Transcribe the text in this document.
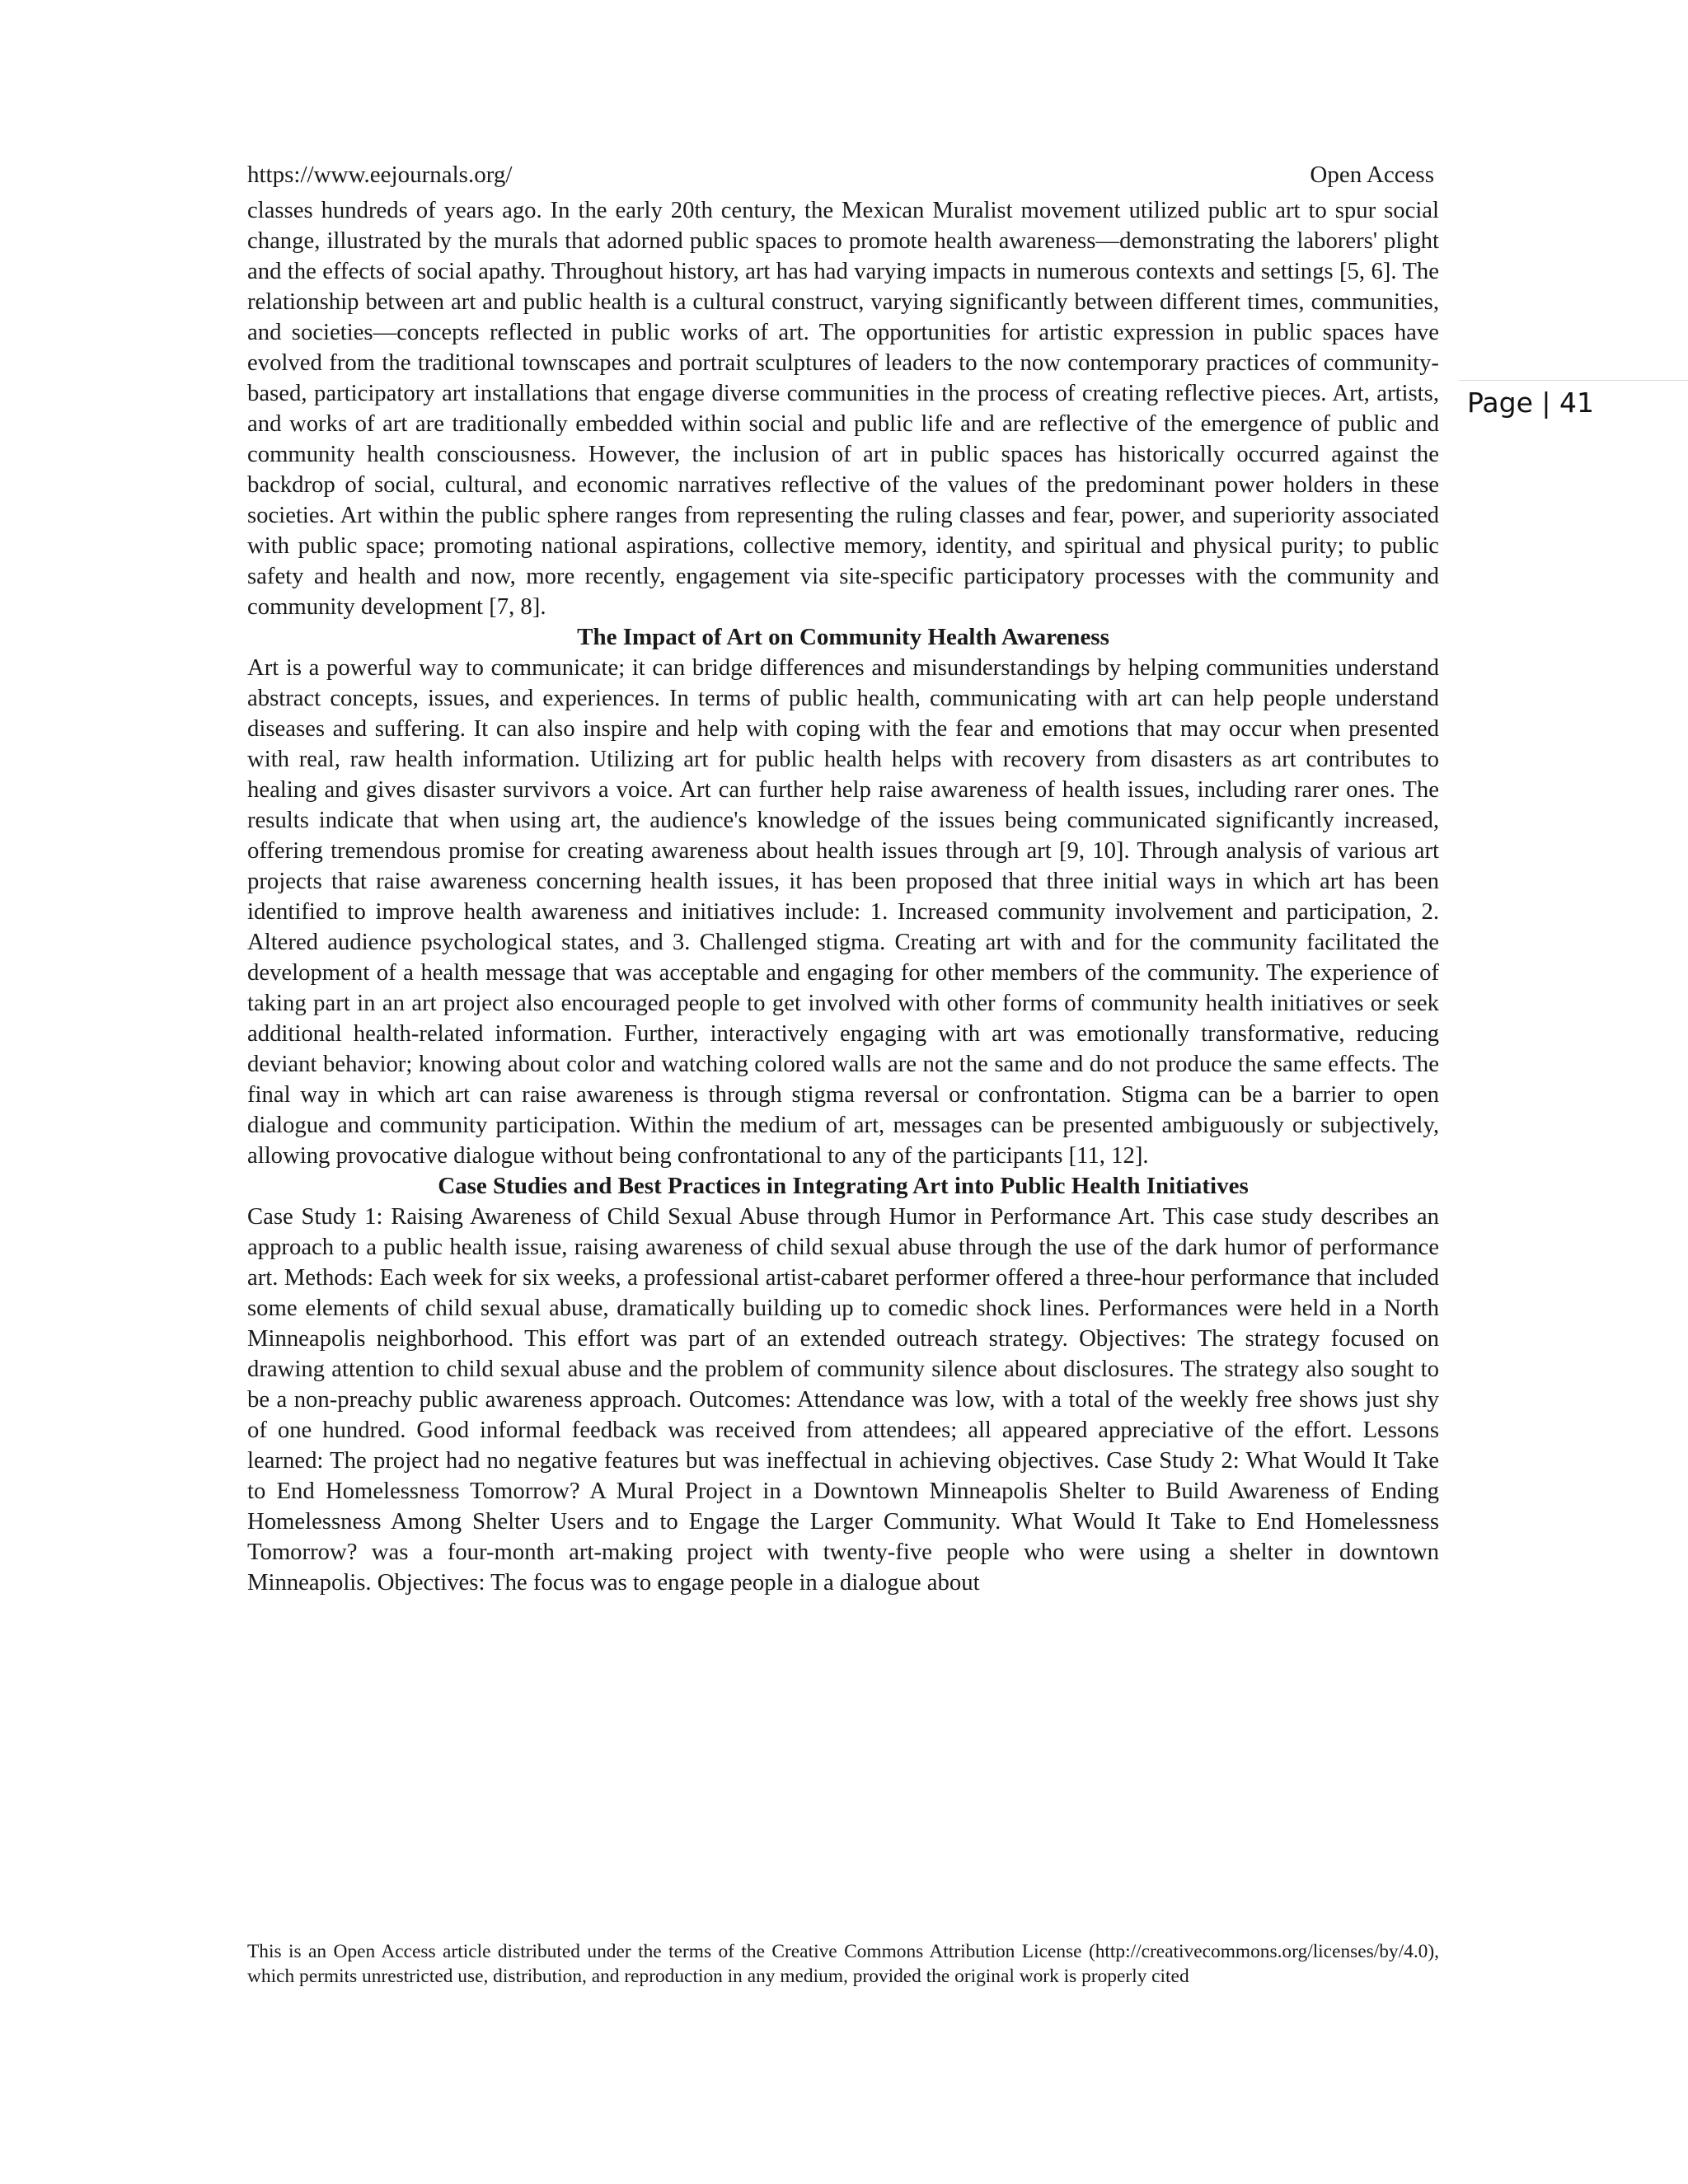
https://www.eejournals.org/	Open Access
Page | 41

classes hundreds of years ago. In the early 20th century, the Mexican Muralist movement utilized public art to spur social change, illustrated by the murals that adorned public spaces to promote health awareness—demonstrating the laborers' plight and the effects of social apathy. Throughout history, art has had varying impacts in numerous contexts and settings [5, 6]. The relationship between art and public health is a cultural construct, varying significantly between different times, communities, and societies—concepts reflected in public works of art. The opportunities for artistic expression in public spaces have evolved from the traditional townscapes and portrait sculptures of leaders to the now contemporary practices of community-based, participatory art installations that engage diverse communities in the process of creating reflective pieces. Art, artists, and works of art are traditionally embedded within social and public life and are reflective of the emergence of public and community health consciousness. However, the inclusion of art in public spaces has historically occurred against the backdrop of social, cultural, and economic narratives reflective of the values of the predominant power holders in these societies. Art within the public sphere ranges from representing the ruling classes and fear, power, and superiority associated with public space; promoting national aspirations, collective memory, identity, and spiritual and physical purity; to public safety and health and now, more recently, engagement via site-specific participatory processes with the community and community development [7, 8].

The Impact of Art on Community Health Awareness

Art is a powerful way to communicate; it can bridge differences and misunderstandings by helping communities understand abstract concepts, issues, and experiences. In terms of public health, communicating with art can help people understand diseases and suffering. It can also inspire and help with coping with the fear and emotions that may occur when presented with real, raw health information. Utilizing art for public health helps with recovery from disasters as art contributes to healing and gives disaster survivors a voice. Art can further help raise awareness of health issues, including rarer ones. The results indicate that when using art, the audience's knowledge of the issues being communicated significantly increased, offering tremendous promise for creating awareness about health issues through art [9, 10]. Through analysis of various art projects that raise awareness concerning health issues, it has been proposed that three initial ways in which art has been identified to improve health awareness and initiatives include: 1. Increased community involvement and participation, 2. Altered audience psychological states, and 3. Challenged stigma. Creating art with and for the community facilitated the development of a health message that was acceptable and engaging for other members of the community. The experience of taking part in an art project also encouraged people to get involved with other forms of community health initiatives or seek additional health-related information. Further, interactively engaging with art was emotionally transformative, reducing deviant behavior; knowing about color and watching colored walls are not the same and do not produce the same effects. The final way in which art can raise awareness is through stigma reversal or confrontation. Stigma can be a barrier to open dialogue and community participation. Within the medium of art, messages can be presented ambiguously or subjectively, allowing provocative dialogue without being confrontational to any of the participants [11, 12].

Case Studies and Best Practices in Integrating Art into Public Health Initiatives

Case Study 1: Raising Awareness of Child Sexual Abuse through Humor in Performance Art. This case study describes an approach to a public health issue, raising awareness of child sexual abuse through the use of the dark humor of performance art. Methods: Each week for six weeks, a professional artist-cabaret performer offered a three-hour performance that included some elements of child sexual abuse, dramatically building up to comedic shock lines. Performances were held in a North Minneapolis neighborhood. This effort was part of an extended outreach strategy. Objectives: The strategy focused on drawing attention to child sexual abuse and the problem of community silence about disclosures. The strategy also sought to be a non-preachy public awareness approach. Outcomes: Attendance was low, with a total of the weekly free shows just shy of one hundred. Good informal feedback was received from attendees; all appeared appreciative of the effort. Lessons learned: The project had no negative features but was ineffectual in achieving objectives. Case Study 2: What Would It Take to End Homelessness Tomorrow? A Mural Project in a Downtown Minneapolis Shelter to Build Awareness of Ending Homelessness Among Shelter Users and to Engage the Larger Community. What Would It Take to End Homelessness Tomorrow? was a four-month art-making project with twenty-five people who were using a shelter in downtown Minneapolis. Objectives: The focus was to engage people in a dialogue about

This is an Open Access article distributed under the terms of the Creative Commons Attribution License (http://creativecommons.org/licenses/by/4.0), which permits unrestricted use, distribution, and reproduction in any medium, provided the original work is properly cited
